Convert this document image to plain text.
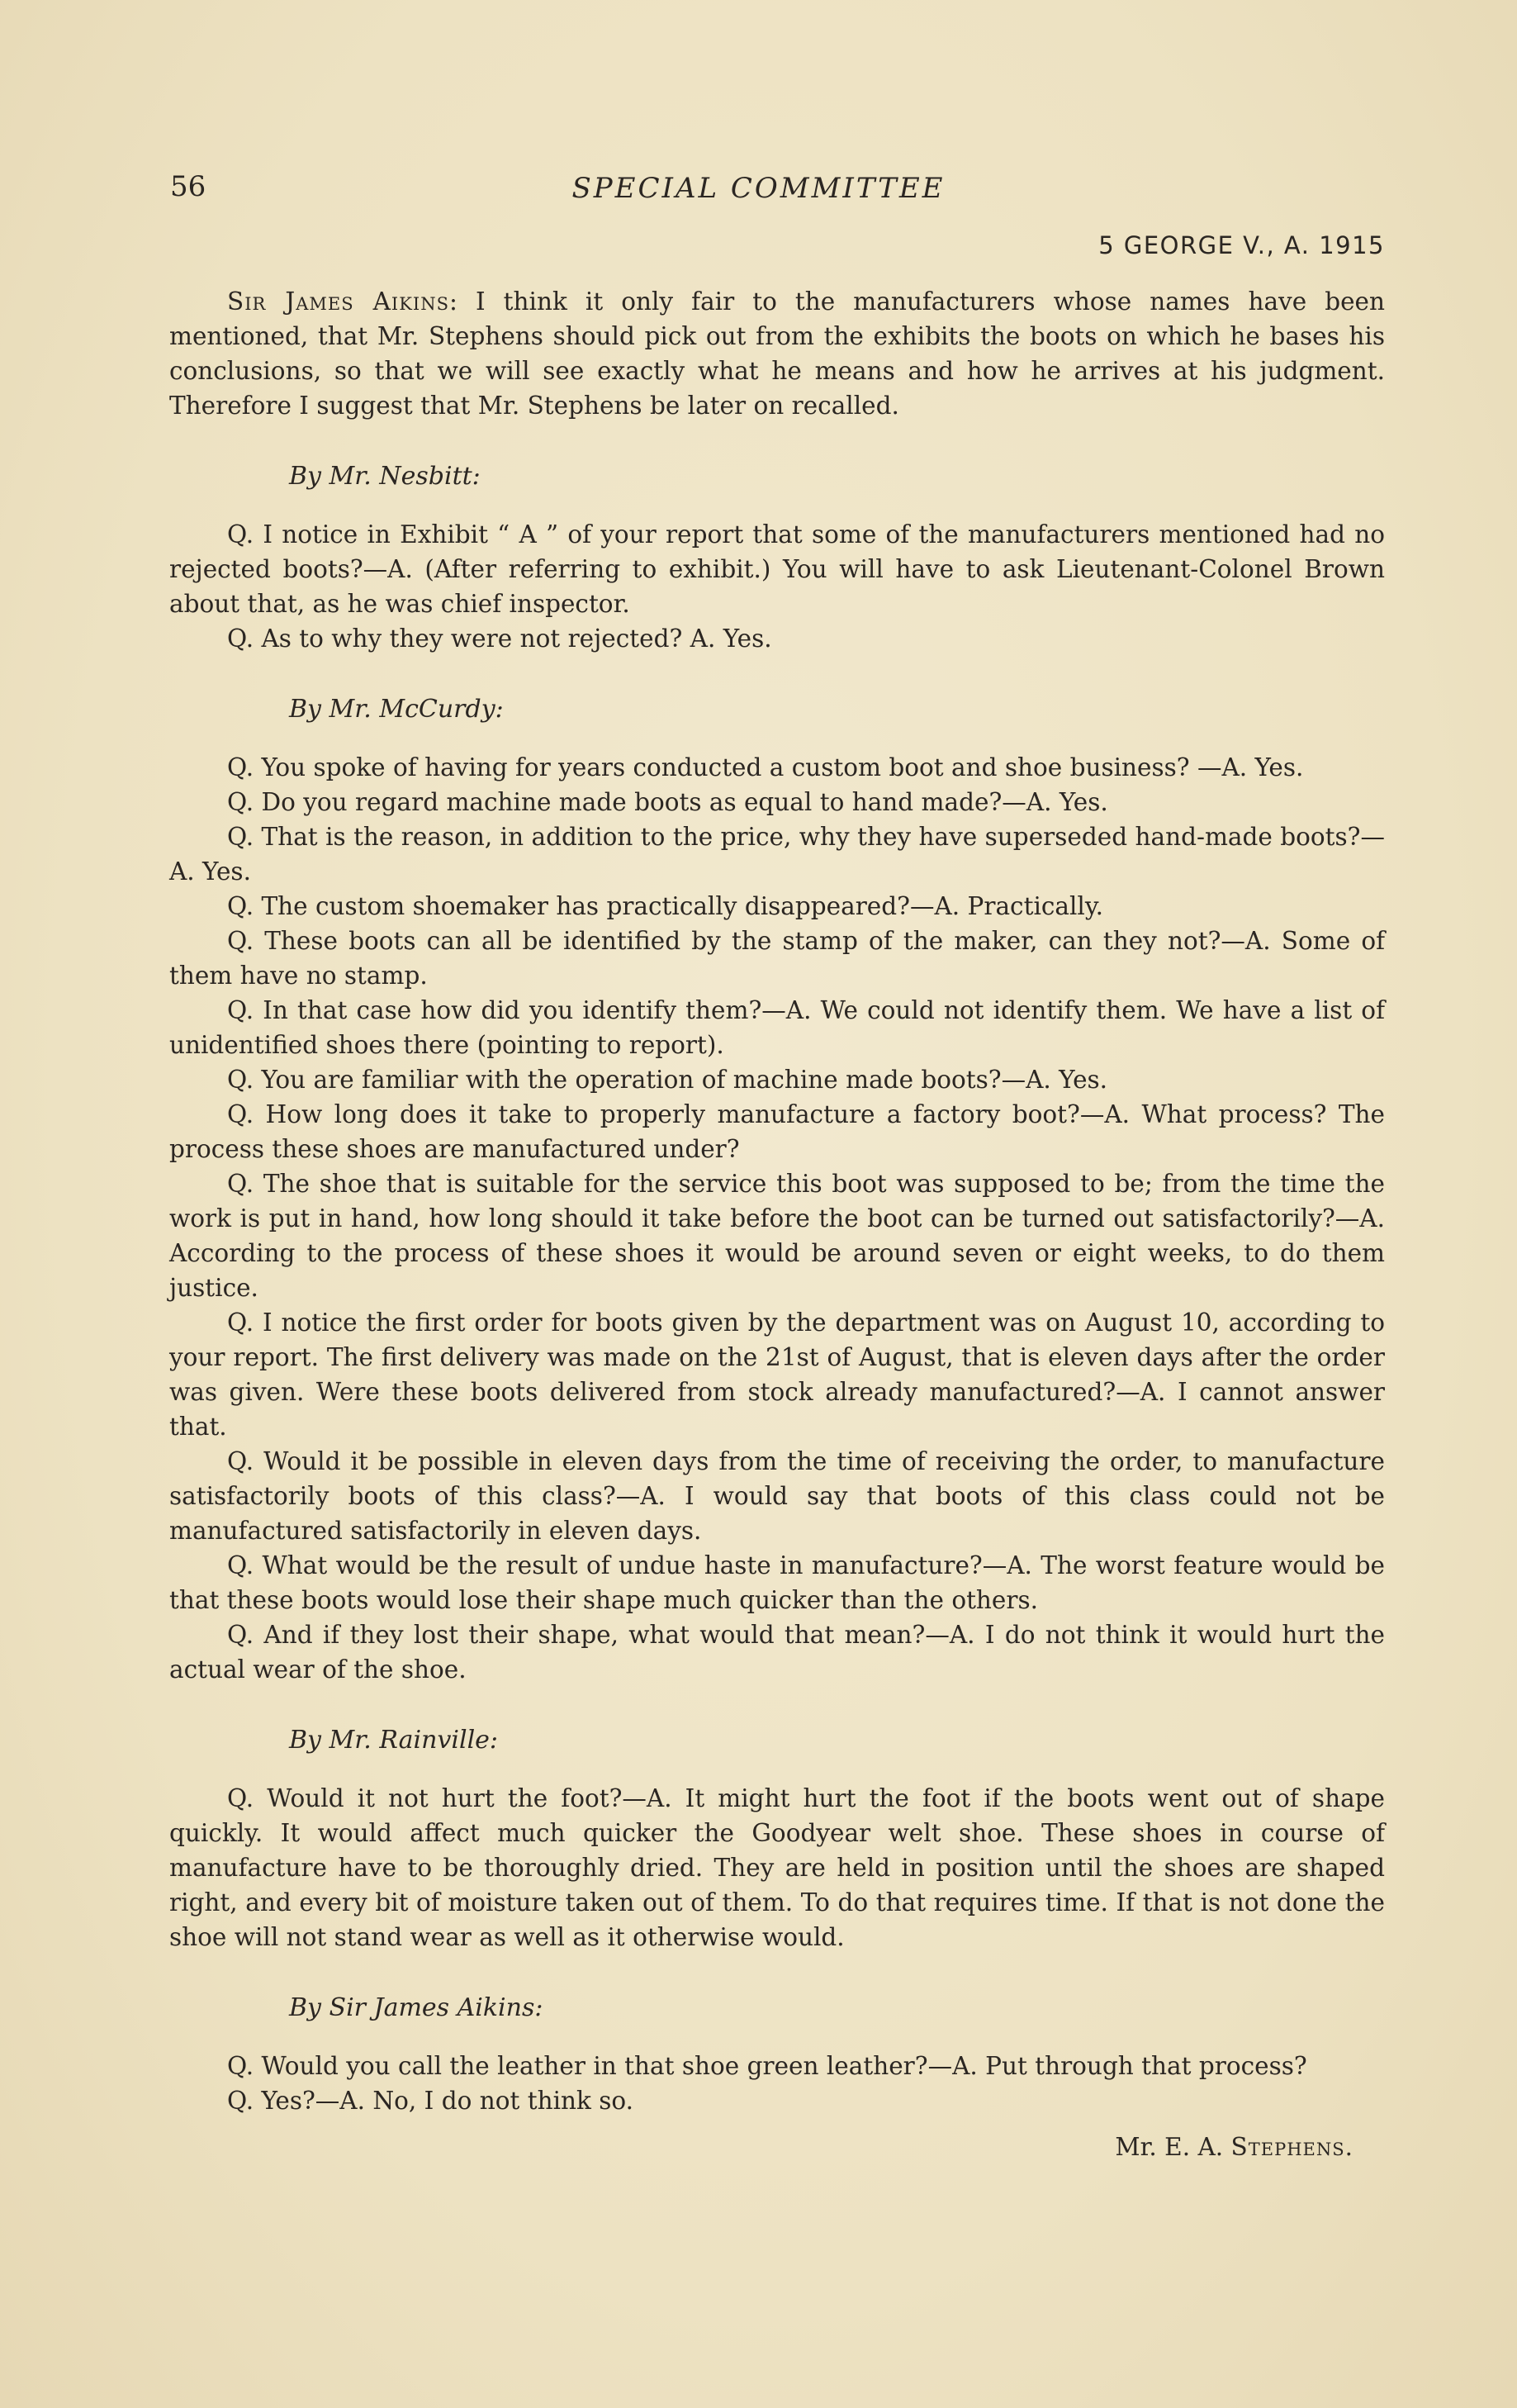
56	SPECIAL COMMITTEE
5 GEORGE V., A. 1915

Sir James Aikins: I think it only fair to the manufacturers whose names have been mentioned, that Mr. Stephens should pick out from the exhibits the boots on which he bases his conclusions, so that we will see exactly what he means and how he arrives at his judgment. Therefore I suggest that Mr. Stephens be later on recalled.

By Mr. Nesbitt:

Q. I notice in Exhibit “ A ” of your report that some of the manufacturers mentioned had no rejected boots?—A. (After referring to exhibit.) You will have to ask Lieutenant-Colonel Brown about that, as he was chief inspector.

Q. As to why they were not rejected? A. Yes.

By Mr. McCurdy:

Q. You spoke of having for years conducted a custom boot and shoe business? —A. Yes.

Q. Do you regard machine made boots as equal to hand made?—A. Yes.

Q. That is the reason, in addition to the price, why they have superseded hand-made boots?—A. Yes.

Q. The custom shoemaker has practically disappeared?—A. Practically.

Q. These boots can all be identified by the stamp of the maker, can they not?—A. Some of them have no stamp.

Q. In that case how did you identify them?—A. We could not identify them. We have a list of unidentified shoes there (pointing to report).

Q. You are familiar with the operation of machine made boots?—A. Yes.

Q. How long does it take to properly manufacture a factory boot?—A. What process? The process these shoes are manufactured under?

Q. The shoe that is suitable for the service this boot was supposed to be; from the time the work is put in hand, how long should it take before the boot can be turned out satisfactorily?—A. According to the process of these shoes it would be around seven or eight weeks, to do them justice.

Q. I notice the first order for boots given by the department was on August 10, according to your report. The first delivery was made on the 21st of August, that is eleven days after the order was given. Were these boots delivered from stock already manufactured?—A. I cannot answer that.

Q. Would it be possible in eleven days from the time of receiving the order, to manufacture satisfactorily boots of this class?—A. I would say that boots of this class could not be manufactured satisfactorily in eleven days.

Q. What would be the result of undue haste in manufacture?—A. The worst feature would be that these boots would lose their shape much quicker than the others.

Q. And if they lost their shape, what would that mean?—A. I do not think it would hurt the actual wear of the shoe.

By Mr. Rainville:

Q. Would it not hurt the foot?—A. It might hurt the foot if the boots went out of shape quickly. It would affect much quicker the Goodyear welt shoe. These shoes in course of manufacture have to be thoroughly dried. They are held in position until the shoes are shaped right, and every bit of moisture taken out of them. To do that requires time. If that is not done the shoe will not stand wear as well as it otherwise would.

By Sir James Aikins:

Q. Would you call the leather in that shoe green leather?—A. Put through that process?

Q. Yes?—A. No, I do not think so.

Mr. E. A. Stephens.
